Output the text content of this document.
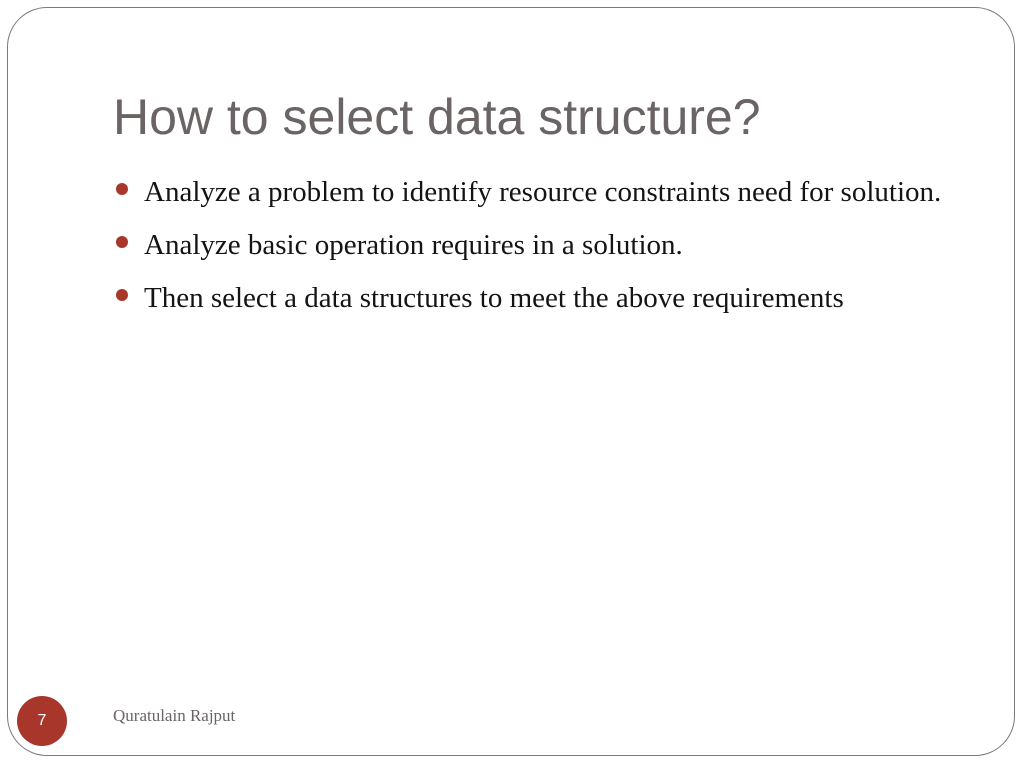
How to select data structure?
Analyze a problem to identify resource constraints need for solution.
Analyze basic operation requires in a solution.
Then select a data structures to meet the above requirements
7	Quratulain Rajput
